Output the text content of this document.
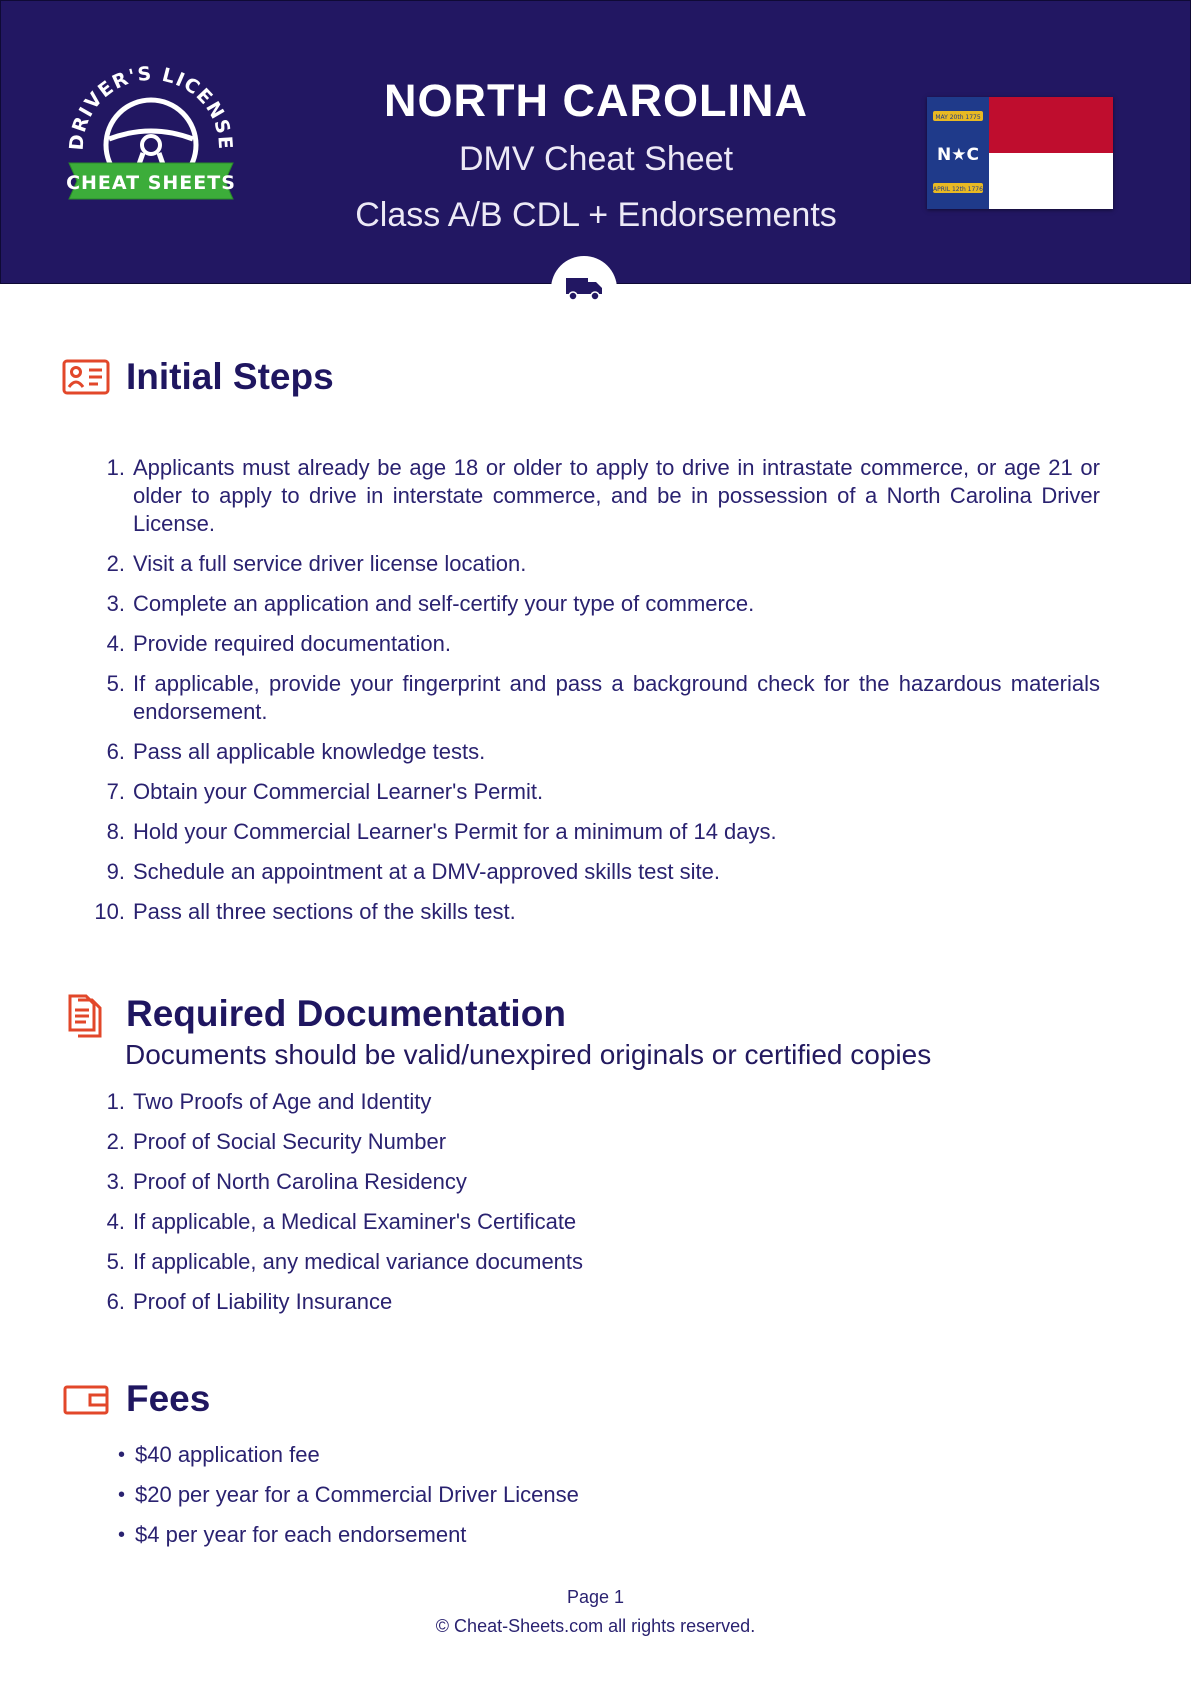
DRIVER'S LICENSE
CHEAT SHEETS
NORTH CAROLINA
DMV Cheat Sheet
Class A/B CDL + Endorsements
MAY 20th 1775
N★C
APRIL 12th 1776
Initial Steps
1. Applicants must already be age 18 or older to apply to drive in intrastate commerce, or age 21 or older to apply to drive in interstate commerce, and be in possession of a North Carolina Driver License.
2. Visit a full service driver license location.
3. Complete an application and self-certify your type of commerce.
4. Provide required documentation.
5. If applicable, provide your fingerprint and pass a background check for the hazardous materials endorsement.
6. Pass all applicable knowledge tests.
7. Obtain your Commercial Learner's Permit.
8. Hold your Commercial Learner's Permit for a minimum of 14 days.
9. Schedule an appointment at a DMV-approved skills test site.
10. Pass all three sections of the skills test.
Required Documentation
Documents should be valid/unexpired originals or certified copies
1. Two Proofs of Age and Identity
2. Proof of Social Security Number
3. Proof of North Carolina Residency
4. If applicable, a Medical Examiner's Certificate
5. If applicable, any medical variance documents
6. Proof of Liability Insurance
Fees
• $40 application fee
• $20 per year for a Commercial Driver License
• $4 per year for each endorsement
Page 1
© Cheat-Sheets.com all rights reserved.
